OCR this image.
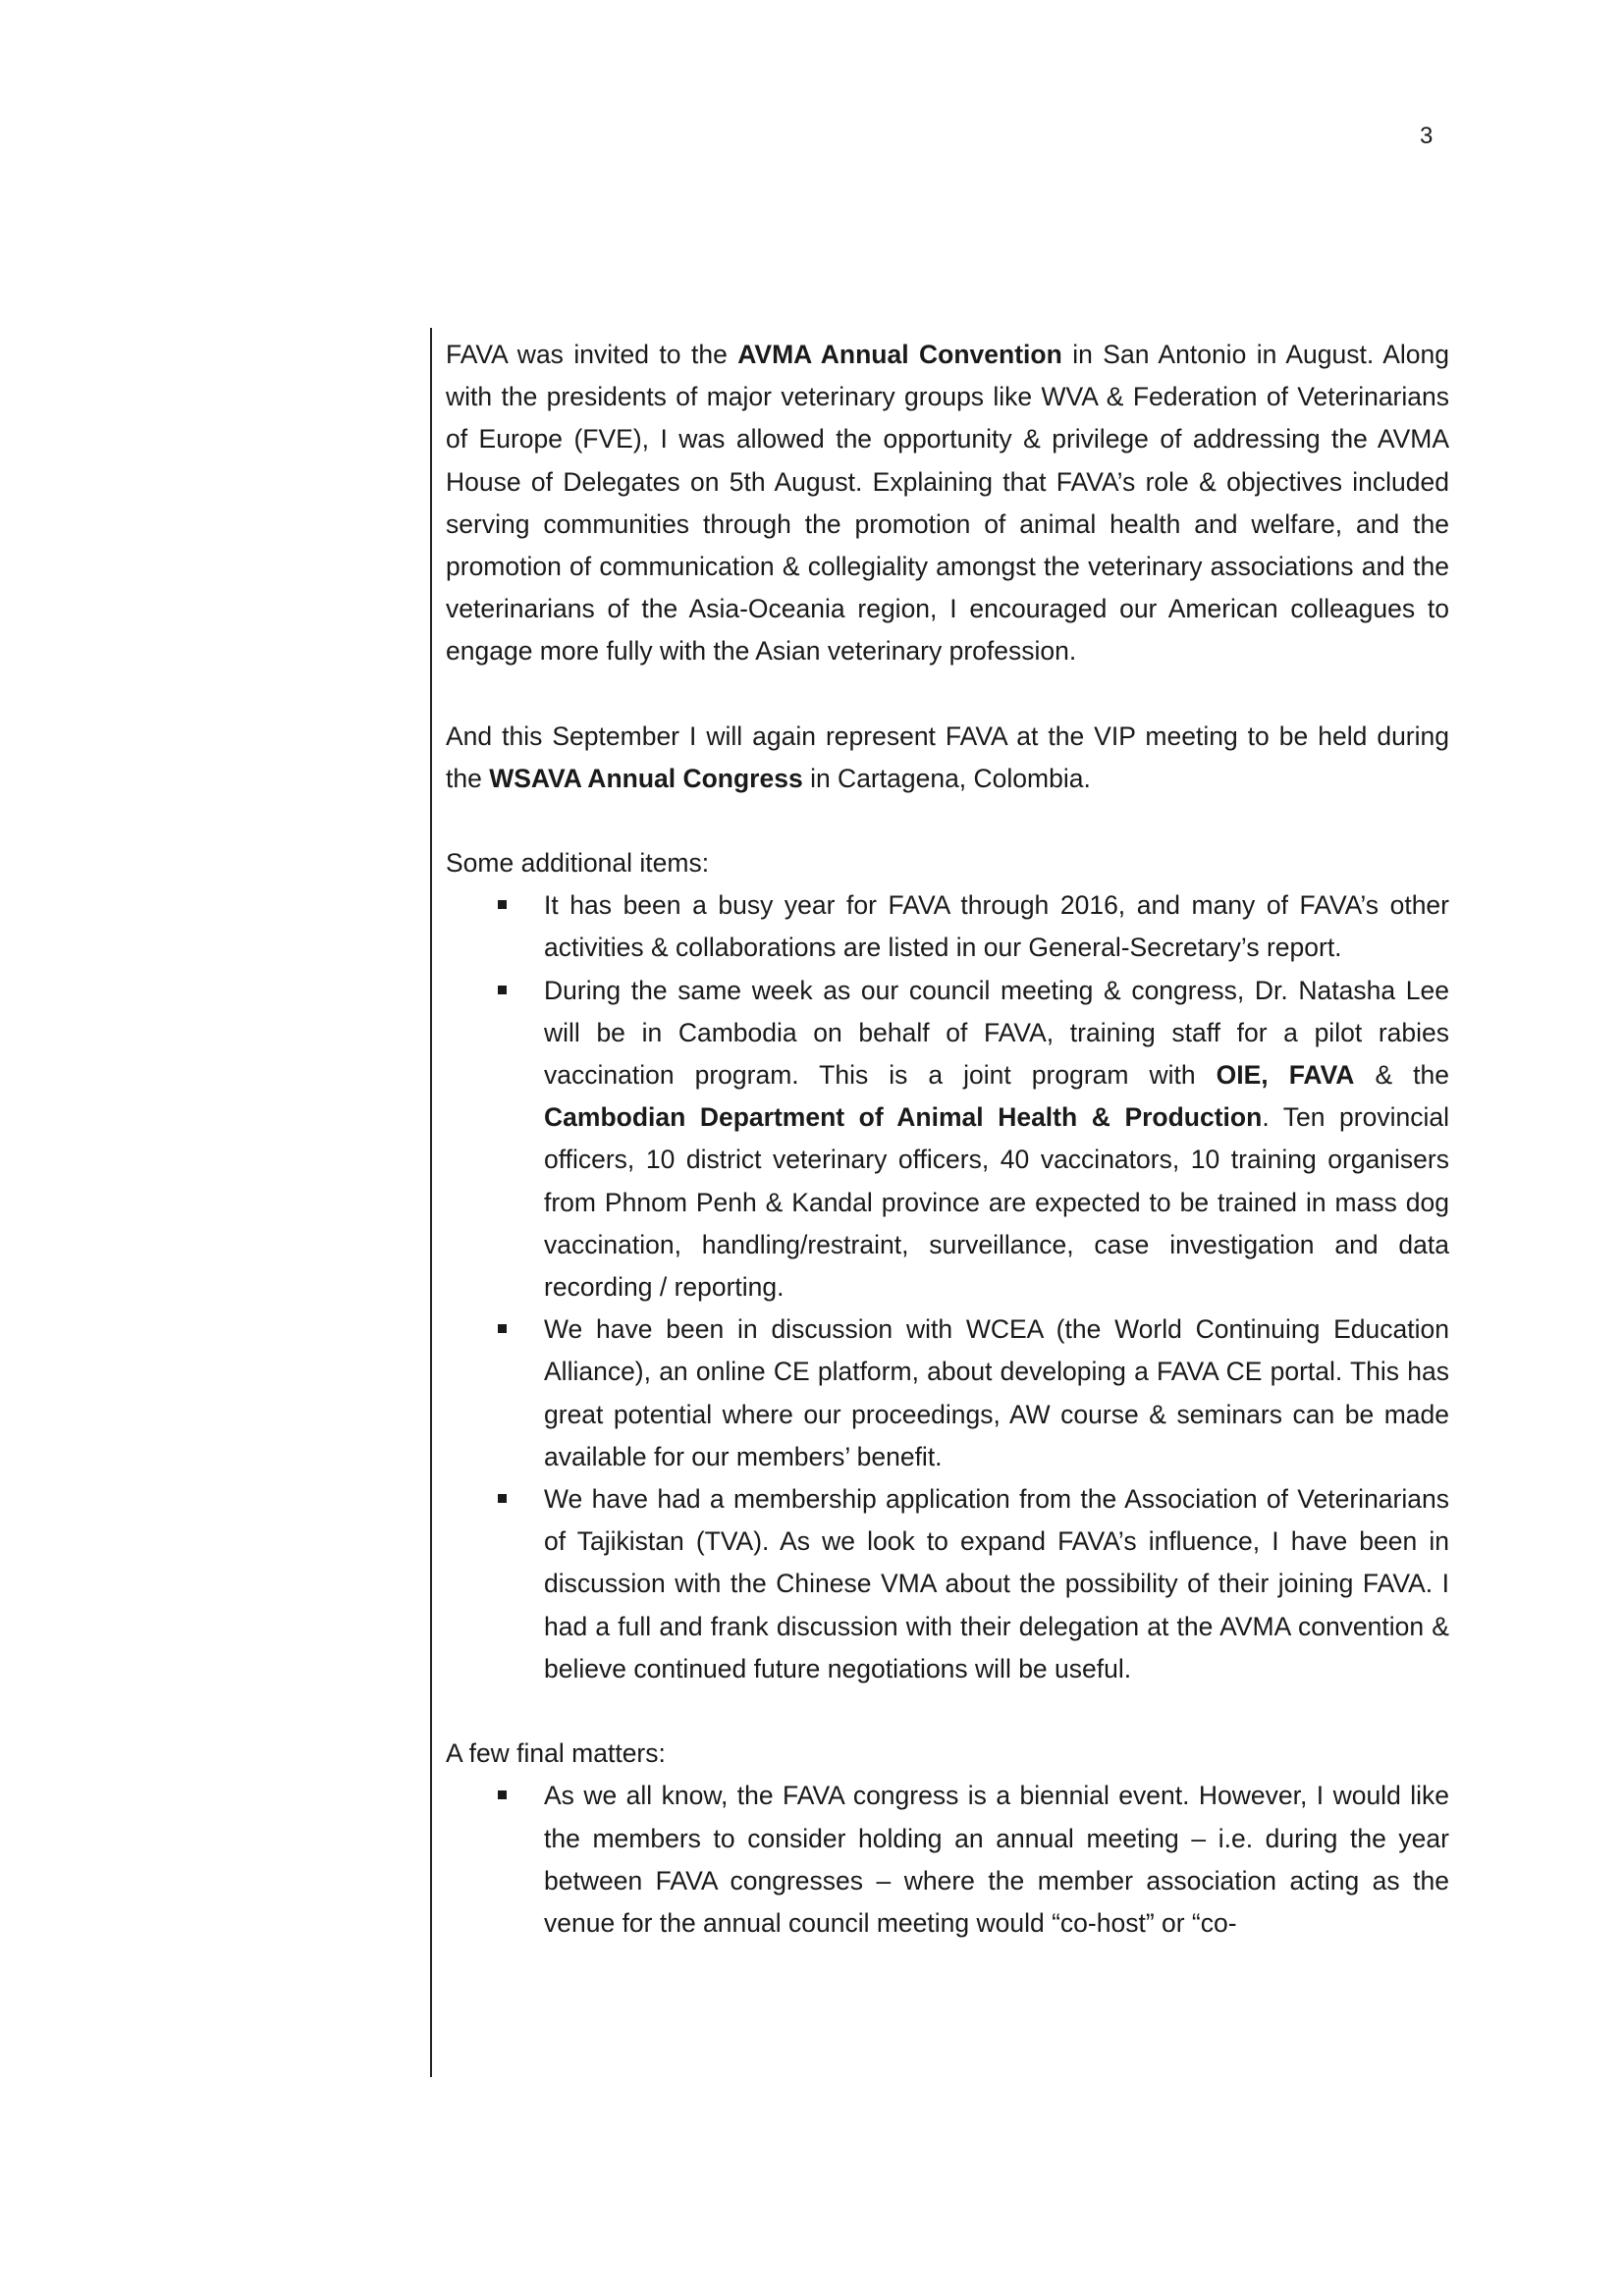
3

FAVA was invited to the AVMA Annual Convention in San Antonio in August. Along with the presidents of major veterinary groups like WVA & Federation of Veterinarians of Europe (FVE), I was allowed the opportunity & privilege of addressing the AVMA House of Delegates on 5th August. Explaining that FAVA’s role & objectives included serving communities through the promotion of animal health and welfare, and the promotion of communication & collegiality amongst the veterinary associations and the veterinarians of the Asia-Oceania region, I encouraged our American colleagues to engage more fully with the Asian veterinary profession.

And this September I will again represent FAVA at the VIP meeting to be held during the WSAVA Annual Congress in Cartagena, Colombia.

Some additional items:

It has been a busy year for FAVA through 2016, and many of FAVA’s other activities & collaborations are listed in our General-Secretary’s report.
During the same week as our council meeting & congress, Dr. Natasha Lee will be in Cambodia on behalf of FAVA, training staff for a pilot rabies vaccination program. This is a joint program with OIE, FAVA & the Cambodian Department of Animal Health & Production. Ten provincial officers, 10 district veterinary officers, 40 vaccinators, 10 training organisers from Phnom Penh & Kandal province are expected to be trained in mass dog vaccination, handling/restraint, surveillance, case investigation and data recording / reporting.
We have been in discussion with WCEA (the World Continuing Education Alliance), an online CE platform, about developing a FAVA CE portal. This has great potential where our proceedings, AW course & seminars can be made available for our members’ benefit.
We have had a membership application from the Association of Veterinarians of Tajikistan (TVA). As we look to expand FAVA’s influence, I have been in discussion with the Chinese VMA about the possibility of their joining FAVA. I had a full and frank discussion with their delegation at the AVMA convention & believe continued future negotiations will be useful.

A few final matters:

As we all know, the FAVA congress is a biennial event. However, I would like the members to consider holding an annual meeting – i.e. during the year between FAVA congresses – where the member association acting as the venue for the annual council meeting would “co-host” or “co-
